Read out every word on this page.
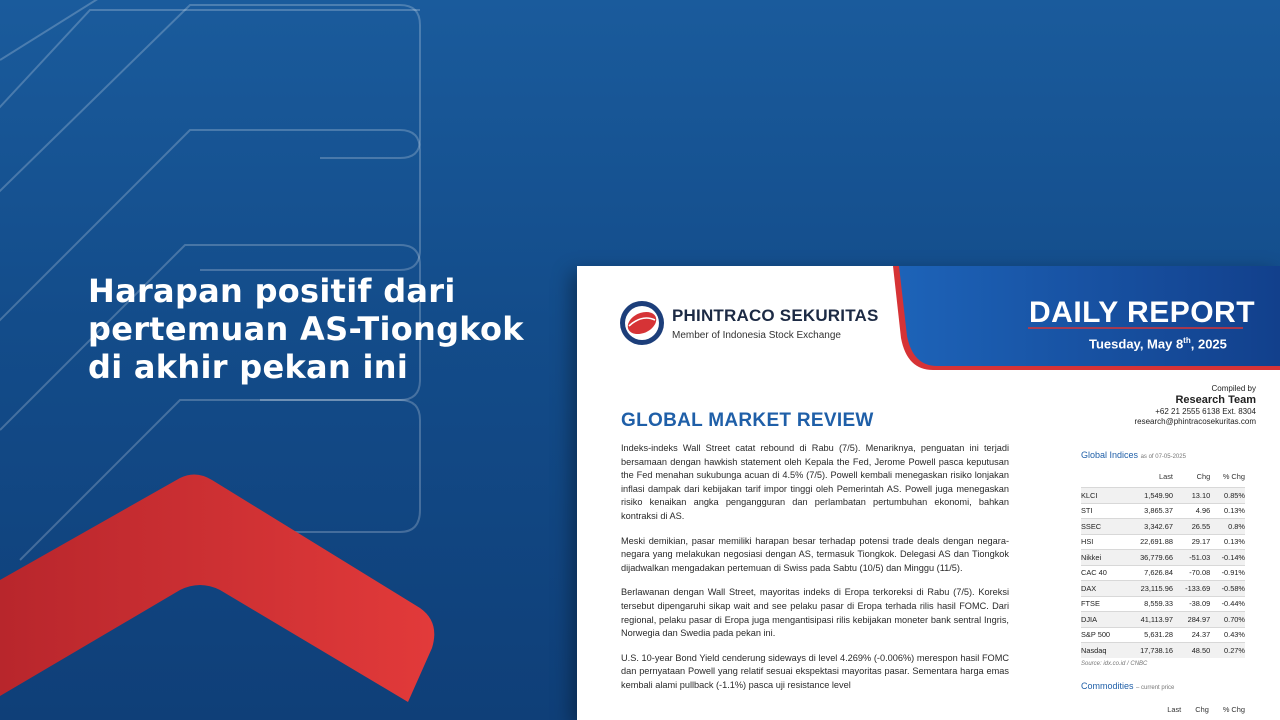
Harapan positif dari
pertemuan AS-Tiongkok
di akhir pekan ini
DAILY REPORT
Tuesday, May 8th, 2025
PHINTRACO SEKURITAS
Member of Indonesia Stock Exchange
Compiled by
Research Team
+62 21 2555 6138 Ext. 8304
research@phintracosekuritas.com
GLOBAL MARKET REVIEW

Indeks-indeks Wall Street catat rebound di Rabu (7/5). Menariknya, penguatan ini terjadi bersamaan dengan hawkish statement oleh Kepala the Fed, Jerome Powell pasca keputusan the Fed menahan sukubunga acuan di 4.5% (7/5). Powell kembali menegaskan risiko lonjakan inflasi dampak dari kebijakan tarif impor tinggi oleh Pemerintah AS. Powell juga menegaskan risiko kenaikan angka pengangguran dan perlambatan pertumbuhan ekonomi, bahkan kontraksi di AS.

Meski demikian, pasar memiliki harapan besar terhadap potensi trade deals dengan negara-negara yang melakukan negosiasi dengan AS, termasuk Tiongkok. Delegasi AS dan Tiongkok dijadwalkan mengadakan pertemuan di Swiss pada Sabtu (10/5) dan Minggu (11/5).

Berlawanan dengan Wall Street, mayoritas indeks di Eropa terkoreksi di Rabu (7/5). Koreksi tersebut dipengaruhi sikap wait and see pelaku pasar di Eropa terhada rilis hasil FOMC. Dari regional, pelaku pasar di Eropa juga mengantisipasi rilis kebijakan moneter bank sentral Ingris, Norwegia dan Swedia pada pekan ini.

U.S. 10-year Bond Yield cenderung sideways di level 4.269% (-0.006%) merespon hasil FOMC dan pernyataan Powell yang relatif sesuai ekspektasi mayoritas pasar. Sementara harga emas kembali alami pullback (-1.1%) pasca uji resistance level

Global Indices as of 07-05-2025
	Last	Chg	% Chg
KLCI	1,549.90	13.10	0.85%
STI	3,865.37	4.96	0.13%
SSEC	3,342.67	26.55	0.8%
HSI	22,691.88	29.17	0.13%
Nikkei	36,779.66	-51.03	-0.14%
CAC 40	7,626.84	-70.08	-0.91%
DAX	23,115.96	-133.69	-0.58%
FTSE	8,559.33	-38.09	-0.44%
DJIA	41,113.97	284.97	0.70%
S&P 500	5,631.28	24.37	0.43%
Nasdaq	17,738.16	48.50	0.27%
Source: idx.co.id / CNBC
Commodities – current price
Last Chg % Chg
